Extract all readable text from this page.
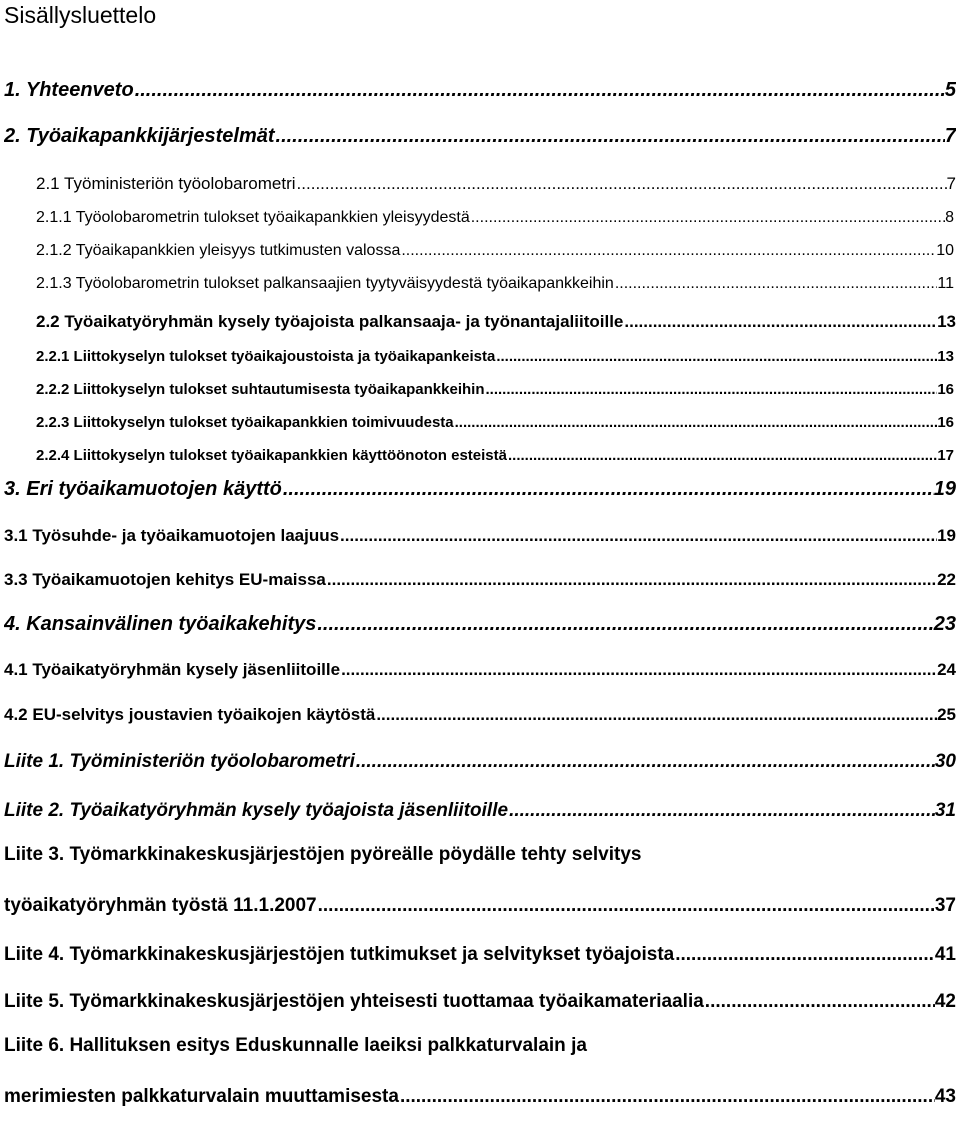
Sisällysluettelo
1. Yhteenveto .....	5
2. Työaikapankkijärjestelmät .....	7
2.1 Työministeriön työolobarometri .....	7
2.1.1 Työolobarometrin tulokset työaikapankkien yleisyydestä .....	8
2.1.2 Työaikapankkien yleisyys tutkimusten valossa .....	10
2.1.3 Työolobarometrin tulokset palkansaajien tyytyväisyydestä työaikapankkeihin .....	11
2.2 Työaikatyöryhmän kysely työajoista palkansaaja- ja työnantajaliitoille .....	13
2.2.1 Liittokyselyn tulokset työaikajoustoista ja työaikapankeista .....	13
2.2.2 Liittokyselyn tulokset suhtautumisesta työaikapankkeihin .....	16
2.2.3 Liittokyselyn tulokset työaikapankkien toimivuudesta .....	16
2.2.4 Liittokyselyn tulokset työaikapankkien käyttöönoton esteistä .....	17
3. Eri työaikamuotojen käyttö .....	19
3.1 Työsuhde- ja työaikamuotojen laajuus .....	19
3.3 Työaikamuotojen kehitys EU-maissa .....	22
4. Kansainvälinen työaikakehitys .....	23
4.1 Työaikatyöryhmän kysely jäsenliitoille .....	24
4.2 EU-selvitys joustavien työaikojen käytöstä .....	25
Liite 1. Työministeriön työolobarometri .....	30
Liite 2. Työaikatyöryhmän kysely työajoista jäsenliitoille .....	31
Liite 3. Työmarkkinakeskusjärjestöjen pyöreälle pöydälle tehty selvitys
työaikatyöryhmän työstä 11.1.2007 .....	37
Liite 4. Työmarkkinakeskusjärjestöjen tutkimukset ja selvitykset työajoista .....	41
Liite 5. Työmarkkinakeskusjärjestöjen yhteisesti tuottamaa työaikamateriaalia .....	42
Liite 6. Hallituksen esitys Eduskunnalle laeiksi palkkaturvalain ja
merimiesten palkkaturvalain muuttamisesta .....	43
